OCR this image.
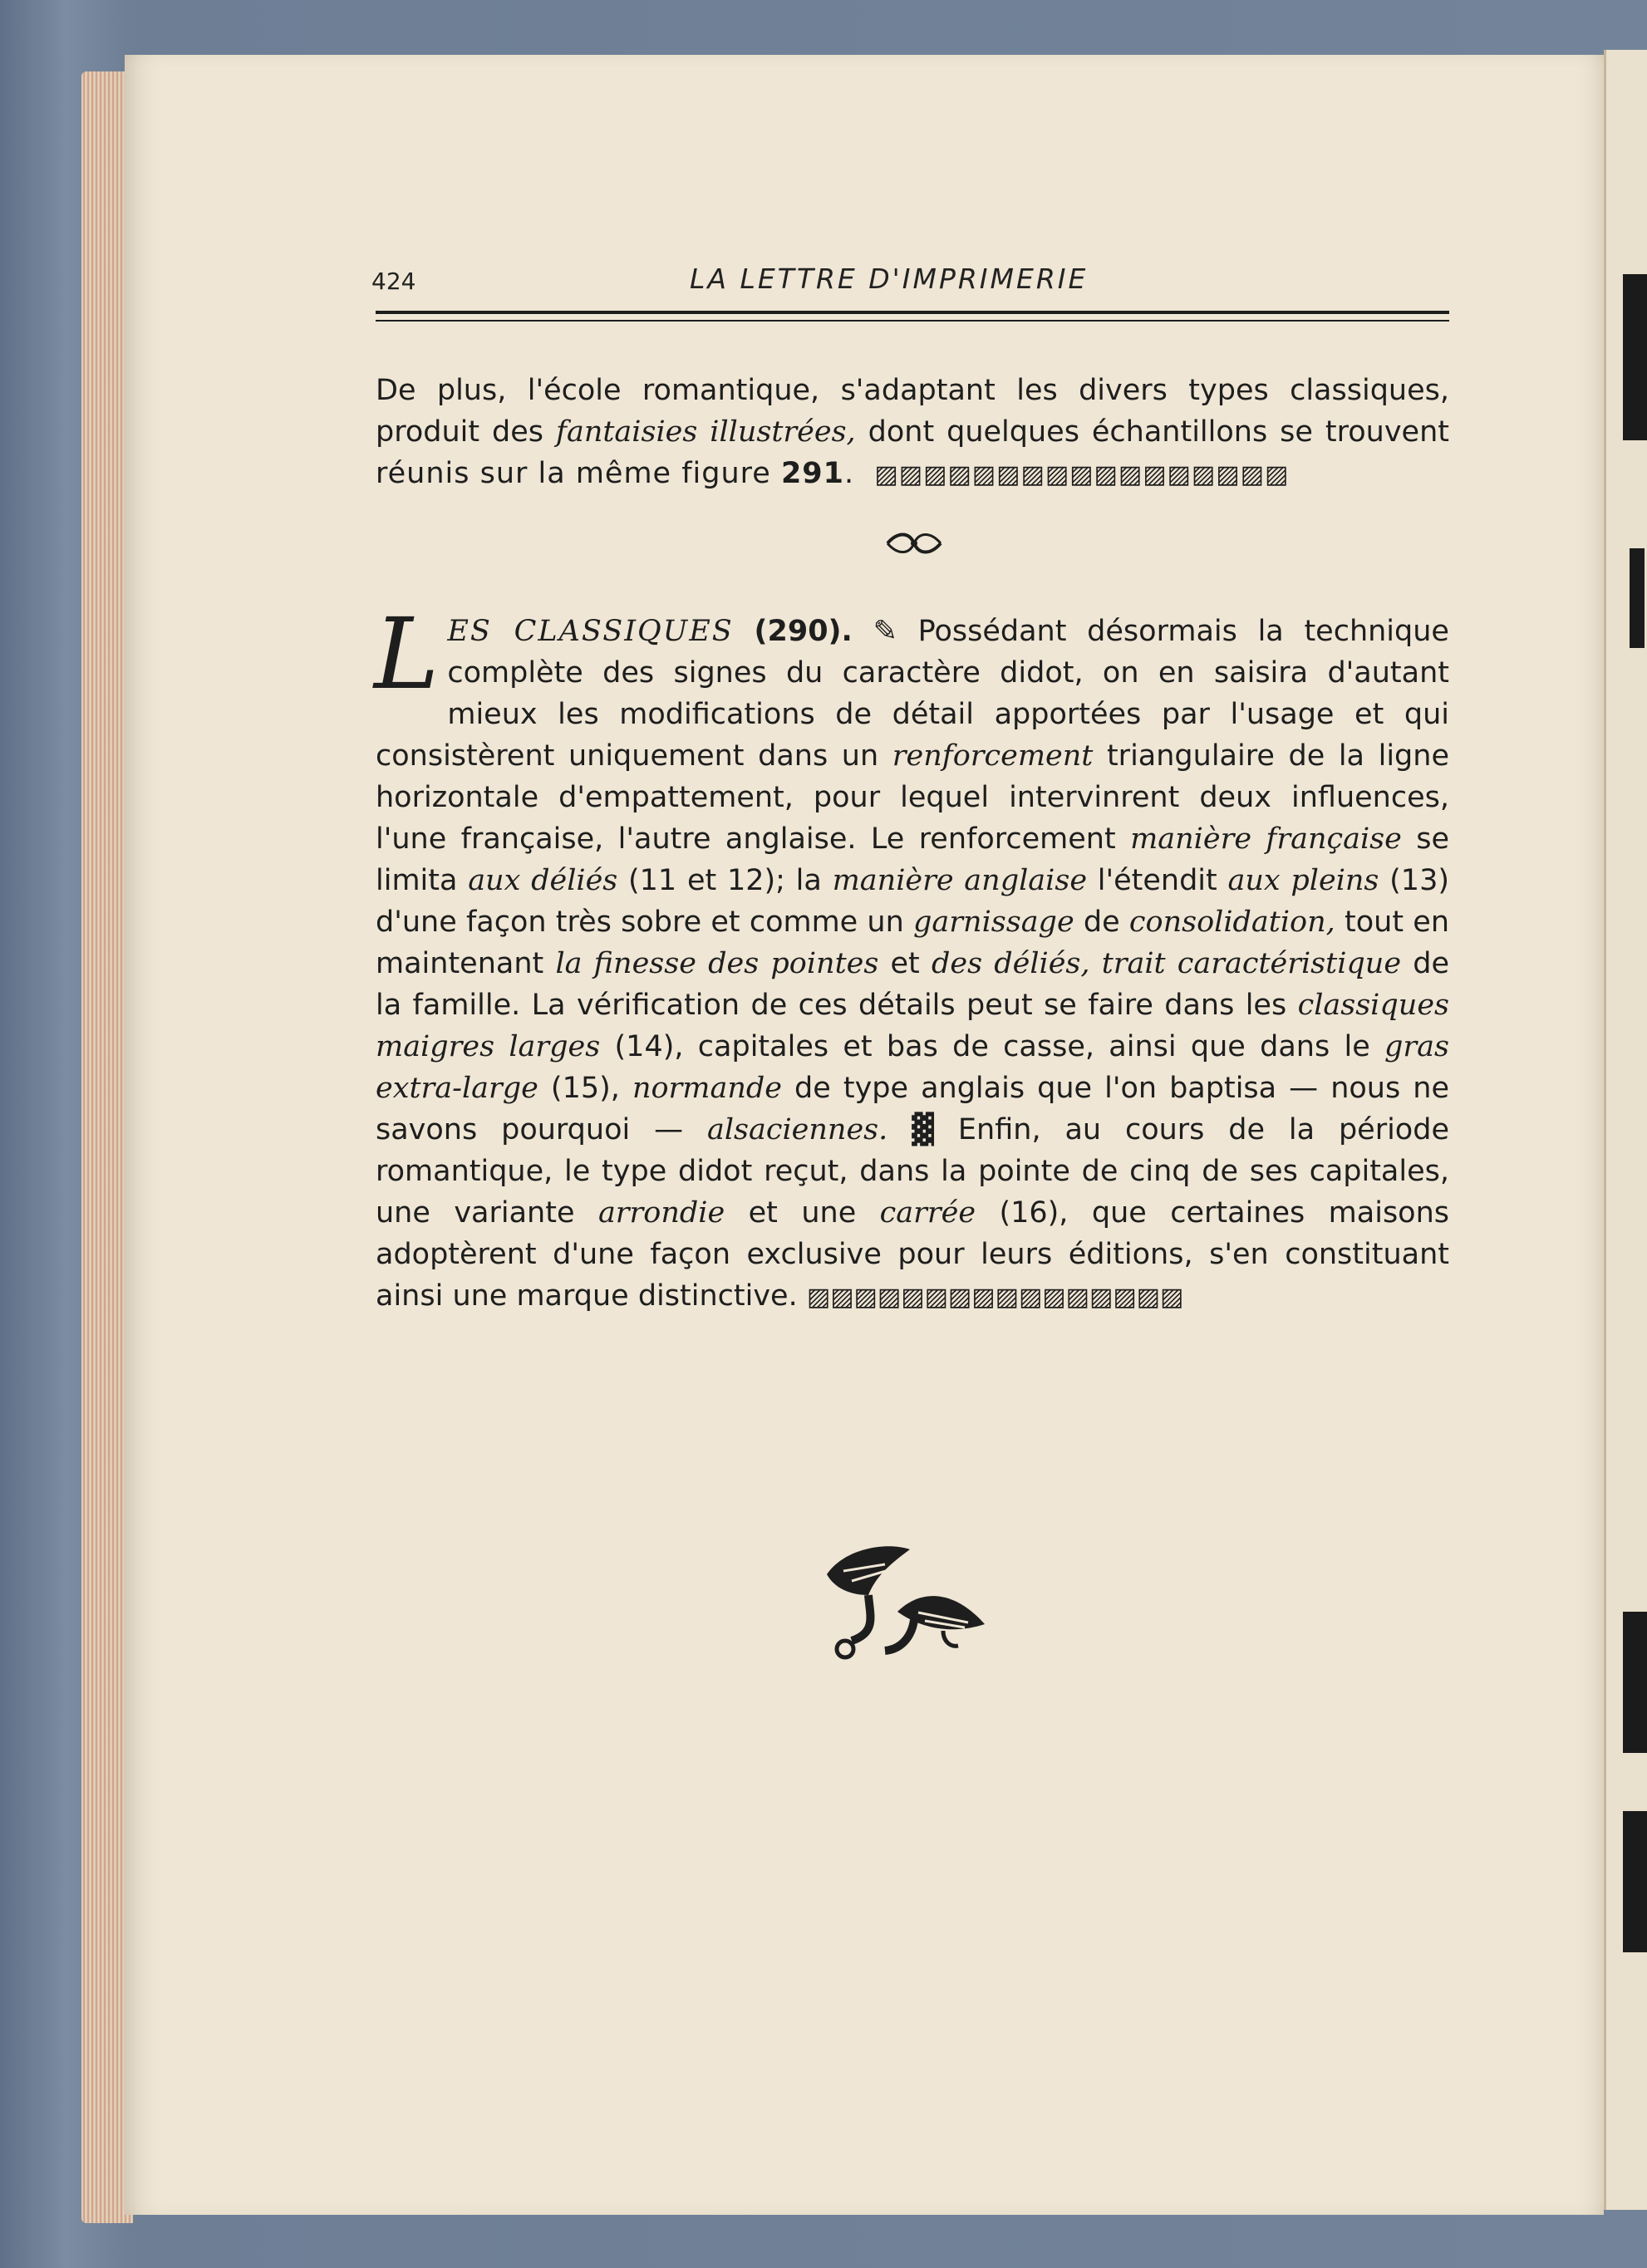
424	LA LETTRE D'IMPRIMERIE

De plus, l'école romantique, s'adaptant les divers types classiques,

produit des fantaisies illustrées, dont quelques échantillons se trouvent

réunis sur la même figure 291. ▨▨▨▨▨▨▨▨▨▨▨▨▨▨▨▨▨

LES CLASSIQUES (290). ✎ Possédant désormais la technique complète des signes du caractère didot, on en saisira d'autant mieux les modifications de détail apportées par l'usage et qui consistèrent uniquement dans un renforcement triangulaire de la ligne horizontale d'empattement, pour lequel intervinrent deux influences, l'une française, l'autre anglaise. Le renforcement manière française se limita aux déliés (11 et 12); la manière anglaise l'étendit aux pleins (13) d'une façon très sobre et comme un garnissage de consolidation, tout en maintenant la finesse des pointes et des déliés, trait caractéristique de la famille. La vérification de ces détails peut se faire dans les classiques maigres larges (14), capitales et bas de casse, ainsi que dans le gras extra-large (15), normande de type anglais que l'on baptisa — nous ne savons pourquoi — alsaciennes. ▓ Enfin, au cours de la période romantique, le type didot reçut, dans la pointe de cinq de ses capitales, une variante arrondie et une carrée (16), que certaines maisons adoptèrent d'une façon exclusive pour leurs éditions, s'en constituant ainsi une marque distinctive. ▨▨▨▨▨▨▨▨▨▨▨▨▨▨▨▨
